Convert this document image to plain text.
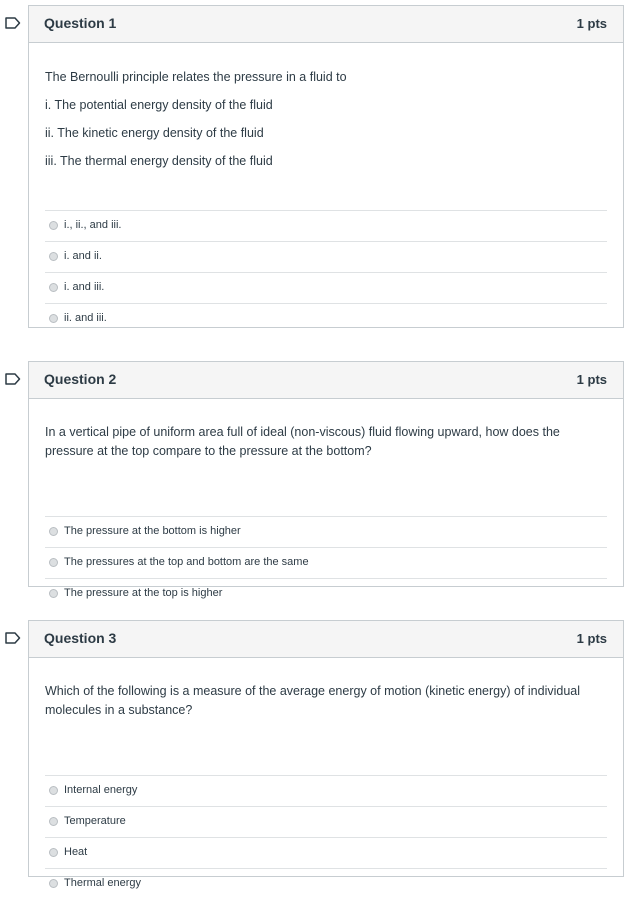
Question 1	1 pts

The Bernoulli principle relates the pressure in a fluid to

i. The potential energy density of the fluid

ii. The kinetic energy density of the fluid

iii. The thermal energy density of the fluid

i., ii., and iii.
i. and ii.
i. and iii.
ii. and iii.
Question 2	1 pts

In a vertical pipe of uniform area full of ideal (non-viscous) fluid flowing upward, how does the

pressure at the top compare to the pressure at the bottom?

The pressure at the bottom is higher
The pressures at the top and bottom are the same
The pressure at the top is higher
Question 3	1 pts

Which of the following is a measure of the average energy of motion (kinetic energy) of individual

molecules in a substance?

Internal energy
Temperature
Heat
Thermal energy
